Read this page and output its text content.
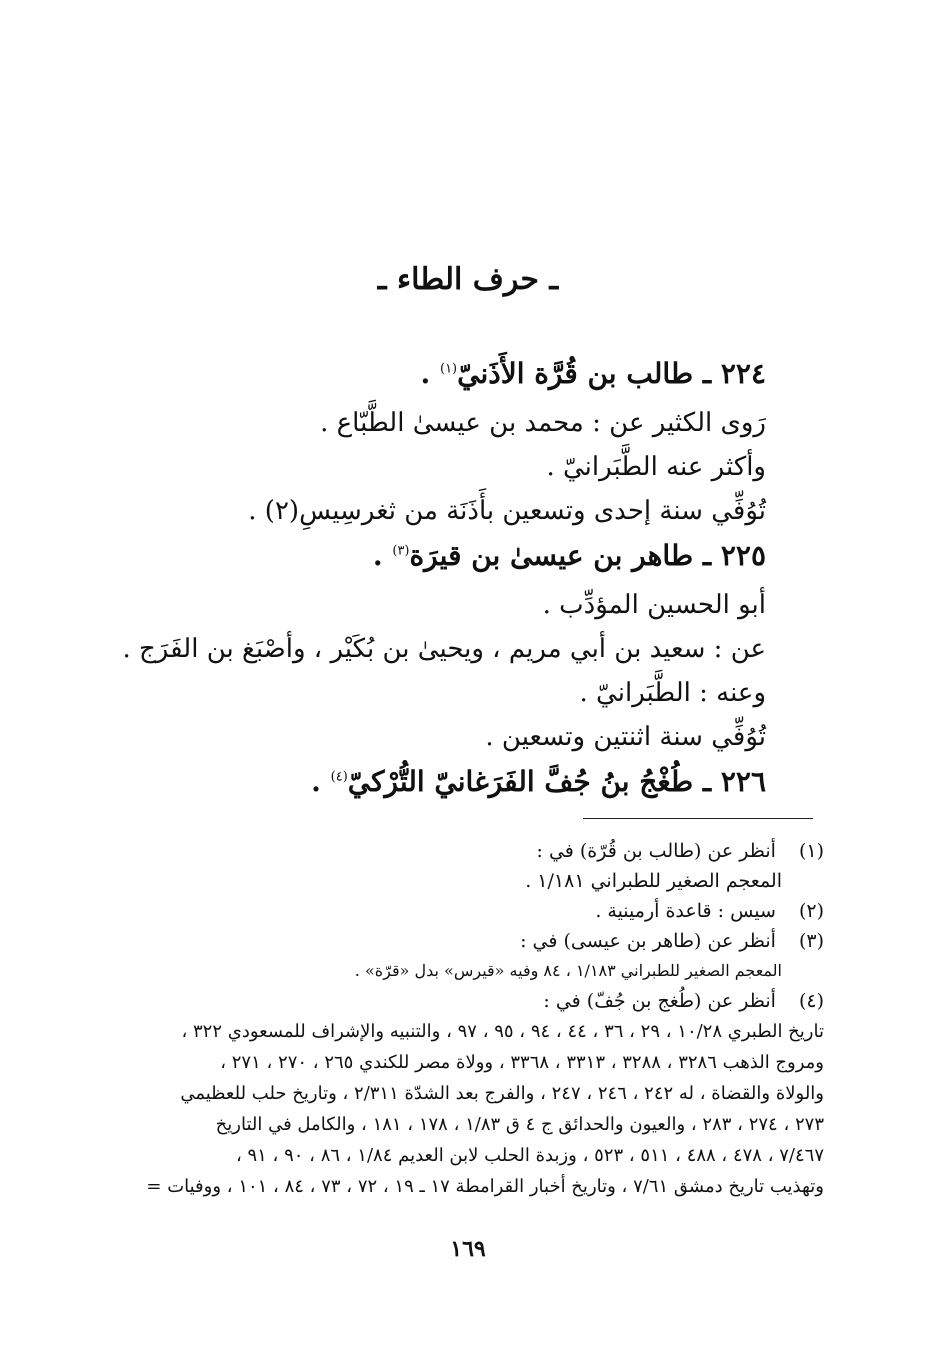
ـ حرف الطاء ـ
٢٢٤ ـ طالب بن قُرَّة الأَذَنيّ$^{(١)}$ .
رَوى الكثير عن : محمد بن عيسىٰ الطَّبّاع .
وأكثر عنه الطَّبَرانيّ .
تُوُفِّي سنة إحدى وتسعين بأَذَنَة من ثغرسِيسِ(٢) .
٢٢٥ ـ طاهر بن عيسىٰ بن قيرَة$^{(٣)}$ .
أبو الحسين المؤدِّب .
عن : سعيد بن أبي مريم ، ويحيىٰ بن بُكَيْر ، وأصْبَغ بن الفَرَج .
وعنه : الطَّبَرانيّ .
تُوُفِّي سنة اثنتين وتسعين .
٢٢٦ ـ طُغْجُ بنُ جُفَّ الفَرَغانيّ التُّرْكيّ$^{(٤)}$ .
(١) أنظر عن (طالب بن قُرّة) في :
المعجم الصغير للطبراني ١/١٨١ .
(٢) سيس : قاعدة أرمينية .
(٣) أنظر عن (طاهر بن عيسى) في :
المعجم الصغير للطبراني ١/١٨٣ ، ٨٤ وفيه «قيرس» بدل «قرّة» .
(٤) أنظر عن (طُغج بن جُفّ) في :
تاريخ الطبري ١٠/٢٨ ، ٢٩ ، ٣٦ ، ٤٤ ، ٩٤ ، ٩٥ ، ٩٧ ، والتنبيه والإشراف للمسعودي ٣٢٢ ،
ومروج الذهب ٣٢٨٦ ، ٣٢٨٨ ، ٣٣١٣ ، ٣٣٦٨ ، وولاة مصر للكندي ٢٦٥ ، ٢٧٠ ، ٢٧١ ،
والولاة والقضاة ، له ٢٤٢ ، ٢٤٦ ، ٢٤٧ ، والفرج بعد الشدّة ٢/٣١١ ، وتاريخ حلب للعظيمي
٢٧٣ ، ٢٧٤ ، ٢٨٣ ، والعيون والحدائق ج ٤ ق ١/٨٣ ، ١٧٨ ، ١٨١ ، والكامل في التاريخ
٧/٤٦٧ ، ٤٧٨ ، ٤٨٨ ، ٥١١ ، ٥٢٣ ، وزبدة الحلب لابن العديم ١/٨٤ ، ٨٦ ، ٩٠ ، ٩١ ،
وتهذيب تاريخ دمشق ٧/٦١ ، وتاريخ أخبار القرامطة ١٧ ـ ١٩ ، ٧٢ ، ٧٣ ، ٨٤ ، ١٠١ ، ووفيات =
١٦٩
